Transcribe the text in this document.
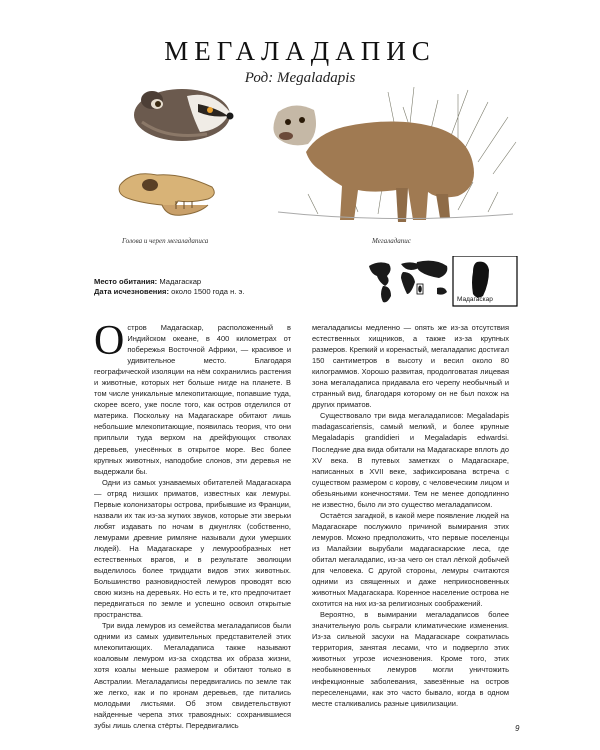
МЕГАЛАДАПИС
Род: Megaladapis
Голова и череп мегаладаписа	Мегаладапис
Место обитания: Мадагаскар
Дата исчезновения: около 1500 года н. э.
Мадагаскар

Остров Мадагаскар, расположенный в Индийском океане, в 400 километрах от побережья Восточной Африки, — красивое и удивительное место. Благодаря географической изоляции на нём сохранились растения и животные, которых нет больше нигде на планете. В том числе уникальные млекопитающие, попавшие туда, скорее всего, уже после того, как остров отделился от материка. Поскольку на Мадагаскаре обитают лишь небольшие млекопитающие, появилась теория, что они приплыли туда верхом на дрейфующих стволах деревьев, унесённых в открытое море. Вес более крупных животных, наподобие слонов, эти деревья не выдержали бы.

Одни из самых узнаваемых обитателей Мадагаскара — отряд низших приматов, известных как лемуры. Первые колонизаторы острова, прибывшие из Франции, назвали их так из-за жутких звуков, которые эти зверьки любят издавать по ночам в джунглях (собственно, лемурами древние римляне называли духи умерших людей). На Мадагаскаре у лемурообразных нет естественных врагов, и в результате эволюции выделилось более тридцати видов этих животных. Большинство разновидностей лемуров проводят всю свою жизнь на деревьях. Но есть и те, кто предпочитает передвигаться по земле и успешно освоил открытые пространства.

Три вида лемуров из семейства мегаладаписов были одними из самых удивительных представителей этих млекопитающих. Мегаладаписа также называют коаловым лемуром из-за сходства их образа жизни, хотя коалы меньше размером и обитают только в Австралии. Мегаладаписы передвигались по земле так же легко, как и по кронам деревьев, где питались молодыми листьями. Об этом свидетельствуют найденные черепа этих травоядных: сохранившиеся зубы лишь слегка стёрты. Передвигались

мегаладаписы медленно — опять же из-за отсутствия естественных хищников, а также из-за крупных размеров. Крепкий и коренастый, мегаладапис достигал 150 сантиметров в высоту и весил около 80 килограммов. Хорошо развитая, продолговатая лицевая зона мегаладаписа придавала его черепу необычный и странный вид, благодаря которому он не был похож на других приматов.

Существовало три вида мегаладаписов: Megaladapis madagascariensis, самый мелкий, и более крупные Megaladapis grandidieri и Megaladapis edwardsi. Последние два вида обитали на Мадагаскаре вплоть до XV века. В путевых заметках о Мадагаскаре, написанных в XVII веке, зафиксирована встреча с существом размером с корову, с человеческим лицом и обезьяньими конечностями. Тем не менее доподлинно не известно, было ли это существо мегаладаписом.

Остаётся загадкой, в какой мере появление людей на Мадагаскаре послужило причиной вымирания этих лемуров. Можно предположить, что первые поселенцы из Малайзии вырубали мадагаскарские леса, где обитал мегаладапис, из-за чего он стал лёгкой добычей для человека. С другой стороны, лемуры считаются одними из священных и даже неприкосновенных животных Мадагаскара. Коренное население острова не охотится на них из-за религиозных соображений.

Вероятно, в вымирании мегаладаписов более значительную роль сыграли климатические изменения. Из-за сильной засухи на Мадагаскаре сократилась территория, занятая лесами, что и подвергло этих животных угрозе исчезновения. Кроме того, этих необыкновенных лемуров могли уничтожить инфекционные заболевания, завезённые на остров переселенцами, как это часто бывало, когда в одном месте сталкивались разные цивилизации.

9
